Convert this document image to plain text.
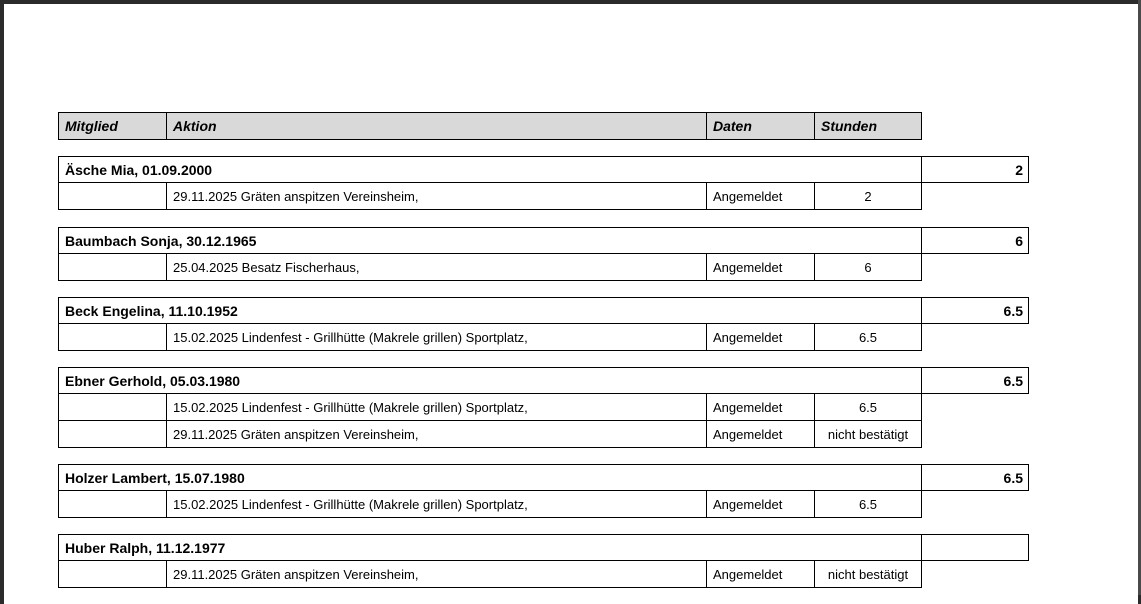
Mitglied	Aktion	Daten	Stunden
Äsche Mia, 01.09.2000	2
29.11.2025 Gräten anspitzen Vereinsheim,	Angemeldet	2
Baumbach Sonja, 30.12.1965	6
25.04.2025 Besatz Fischerhaus,	Angemeldet	6
Beck Engelina, 11.10.1952	6.5
15.02.2025 Lindenfest - Grillhütte (Makrele grillen) Sportplatz,	Angemeldet	6.5
Ebner Gerhold, 05.03.1980	6.5
15.02.2025 Lindenfest - Grillhütte (Makrele grillen) Sportplatz,	Angemeldet	6.5
29.11.2025 Gräten anspitzen Vereinsheim,	Angemeldet	nicht bestätigt
Holzer Lambert, 15.07.1980	6.5
15.02.2025 Lindenfest - Grillhütte (Makrele grillen) Sportplatz,	Angemeldet	6.5
Huber Ralph, 11.12.1977
29.11.2025 Gräten anspitzen Vereinsheim,	Angemeldet	nicht bestätigt
